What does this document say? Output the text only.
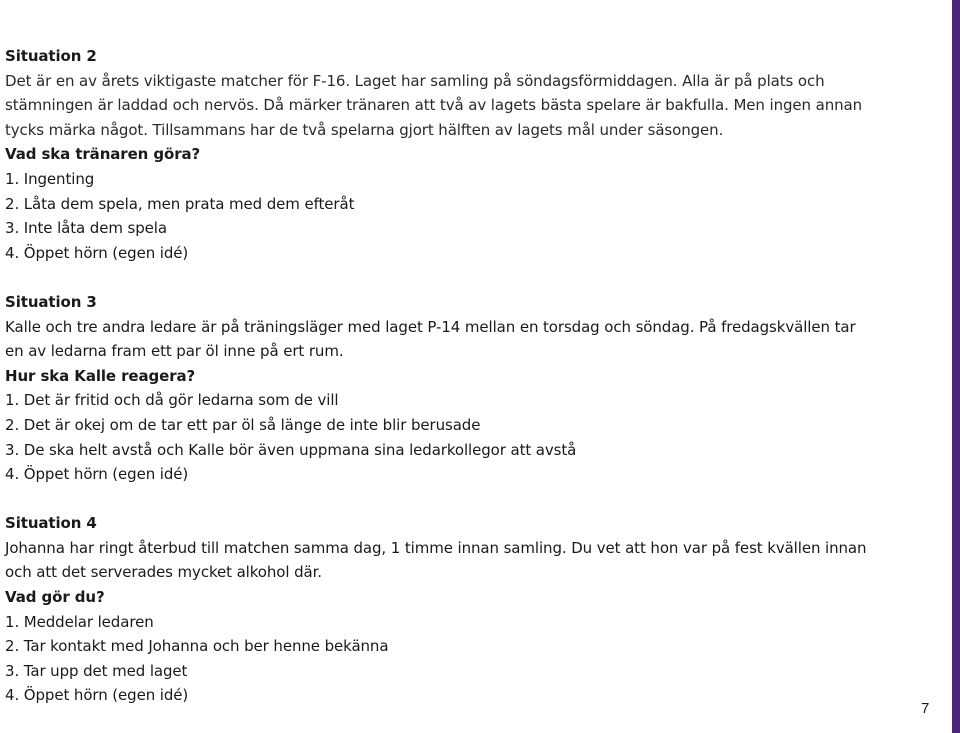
Situation 2
Det är en av årets viktigaste matcher för F-16. Laget har samling på söndagsförmiddagen. Alla är på plats och
stämningen är laddad och nervös. Då märker tränaren att två av lagets bästa spelare är bakfulla. Men ingen annan
tycks märka något. Tillsammans har de två spelarna gjort hälften av lagets mål under säsongen.
Vad ska tränaren göra?
1. Ingenting
2. Låta dem spela, men prata med dem efteråt
3. Inte låta dem spela
4. Öppet hörn (egen idé)
Situation 3
Kalle och tre andra ledare är på träningsläger med laget P-14 mellan en torsdag och söndag. På fredagskvällen tar
en av ledarna fram ett par öl inne på ert rum.
Hur ska Kalle reagera?
1. Det är fritid och då gör ledarna som de vill
2. Det är okej om de tar ett par öl så länge de inte blir berusade
3. De ska helt avstå och Kalle bör även uppmana sina ledarkollegor att avstå
4. Öppet hörn (egen idé)
Situation 4
Johanna har ringt återbud till matchen samma dag, 1 timme innan samling. Du vet att hon var på fest kvällen innan
och att det serverades mycket alkohol där.
Vad gör du?
1. Meddelar ledaren
2. Tar kontakt med Johanna och ber henne bekänna
3. Tar upp det med laget
4. Öppet hörn (egen idé)
7
